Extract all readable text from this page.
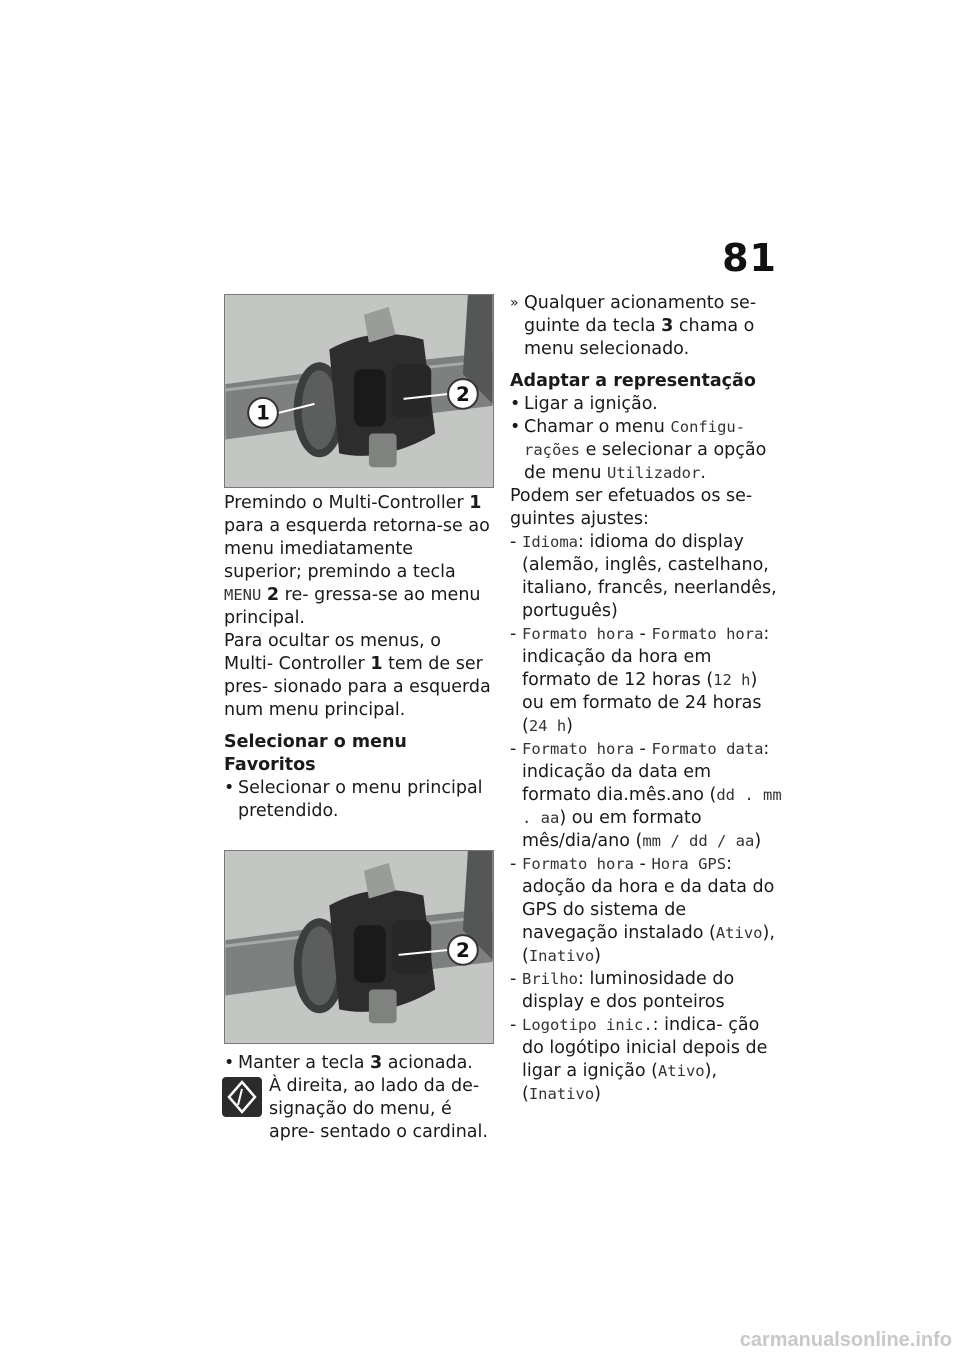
81
1
2

Premindo o Multi-Controller 1
para a esquerda retorna-se ao menu imediatamente superior; premindo a tecla MENU 2 re- gressa-se ao menu principal.

Para ocultar os menus, o Multi- Controller 1 tem de ser pres- sionado para a esquerda num menu principal.

Selecionar o menu Favoritos

• Selecionar o menu principal pretendido.
2
• Manter a tecla 3 acionada.
À direita, ao lado da de- signação do menu, é apre- sentado o cardinal.
» Qualquer acionamento se- guinte da tecla 3 chama o menu selecionado.

Adaptar a representação

• Ligar a ignição.
• Chamar o menu Configu- rações e selecionar a opção de menu Utilizador.

Podem ser efetuados os se- guintes ajustes:

- Idioma: idioma do display (alemão, inglês, castelhano, italiano, francês, neerlandês, português)
- Formato hora - Formato hora: indicação da hora em formato de 12 horas (12 h) ou em formato de 24 horas (24 h)
- Formato hora - Formato data: indicação da data em formato dia.mês.ano (dd . mm . aa) ou em formato mês/dia/ano (mm / dd / aa)
- Formato hora - Hora GPS: adoção da hora e da data do GPS do sistema de navegação instalado (Ativo), (Inativo)
- Brilho: luminosidade do display e dos ponteiros
- Logotipo inic.: indica- ção do logótipo inicial depois de ligar a ignição (Ativo), (Inativo)
carmanualsonline.info
